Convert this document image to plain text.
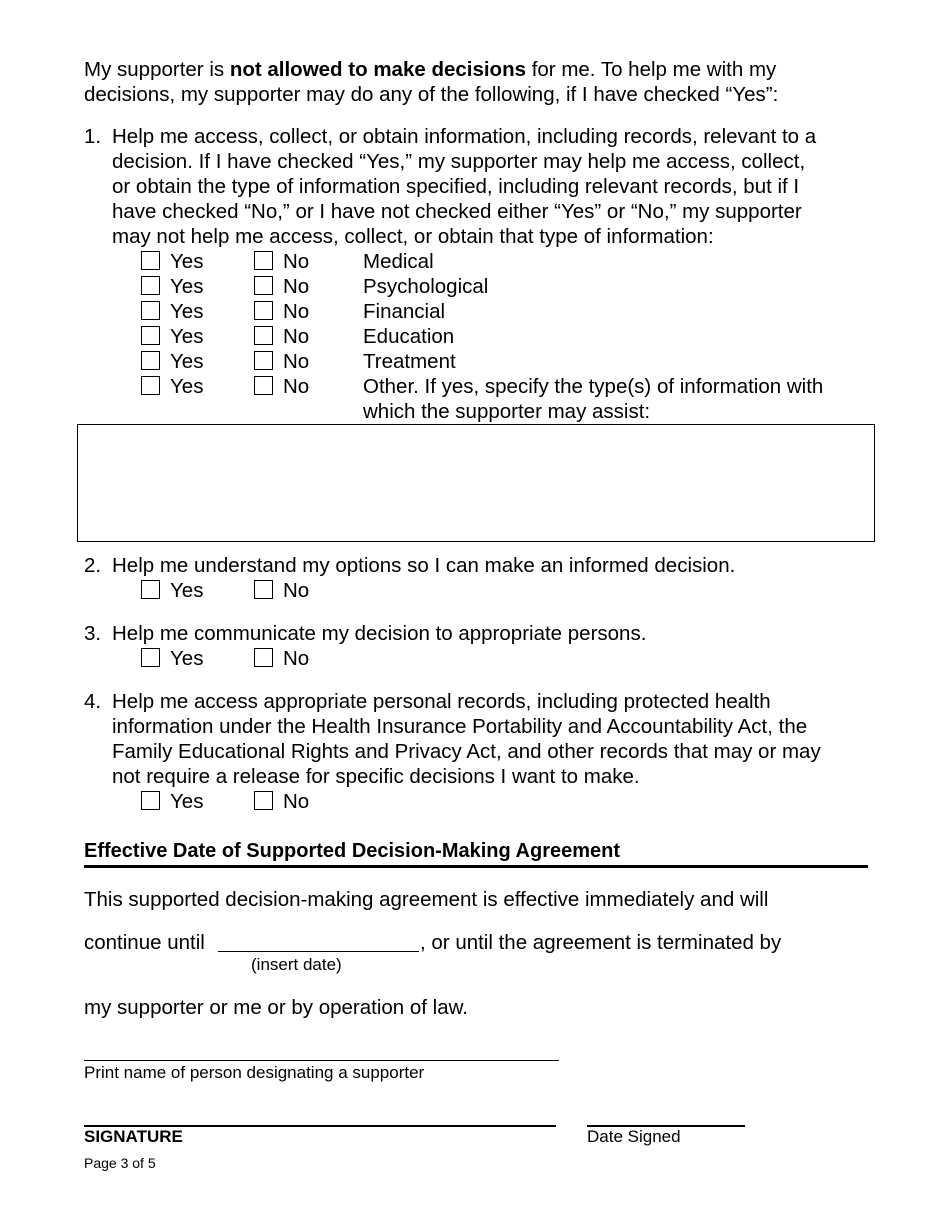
My supporter is not allowed to make decisions for me. To help me with my
decisions, my supporter may do any of the following, if I have checked “Yes”:
1. Help me access, collect, or obtain information, including records, relevant to a
decision. If I have checked “Yes,” my supporter may help me access, collect,
or obtain the type of information specified, including relevant records, but if I
have checked “No,” or I have not checked either “Yes” or “No,” my supporter
may not help me access, collect, or obtain that type of information:
Yes	No	Medical
Yes	No	Psychological
Yes	No	Financial
Yes	No	Education
Yes	No	Treatment
Yes	No	Other. If yes, specify the type(s) of information with
which the supporter may assist:
2. Help me understand my options so I can make an informed decision.
Yes	No
3. Help me communicate my decision to appropriate persons.
Yes	No
4. Help me access appropriate personal records, including protected health
information under the Health Insurance Portability and Accountability Act, the
Family Educational Rights and Privacy Act, and other records that may or may
not require a release for specific decisions I want to make.
Yes	No
Effective Date of Supported Decision-Making Agreement
This supported decision-making agreement is effective immediately and will
continue until	, or until the agreement is terminated by
(insert date)
my supporter or me or by operation of law.
Print name of person designating a supporter
SIGNATURE	Date Signed
Page 3 of 5
